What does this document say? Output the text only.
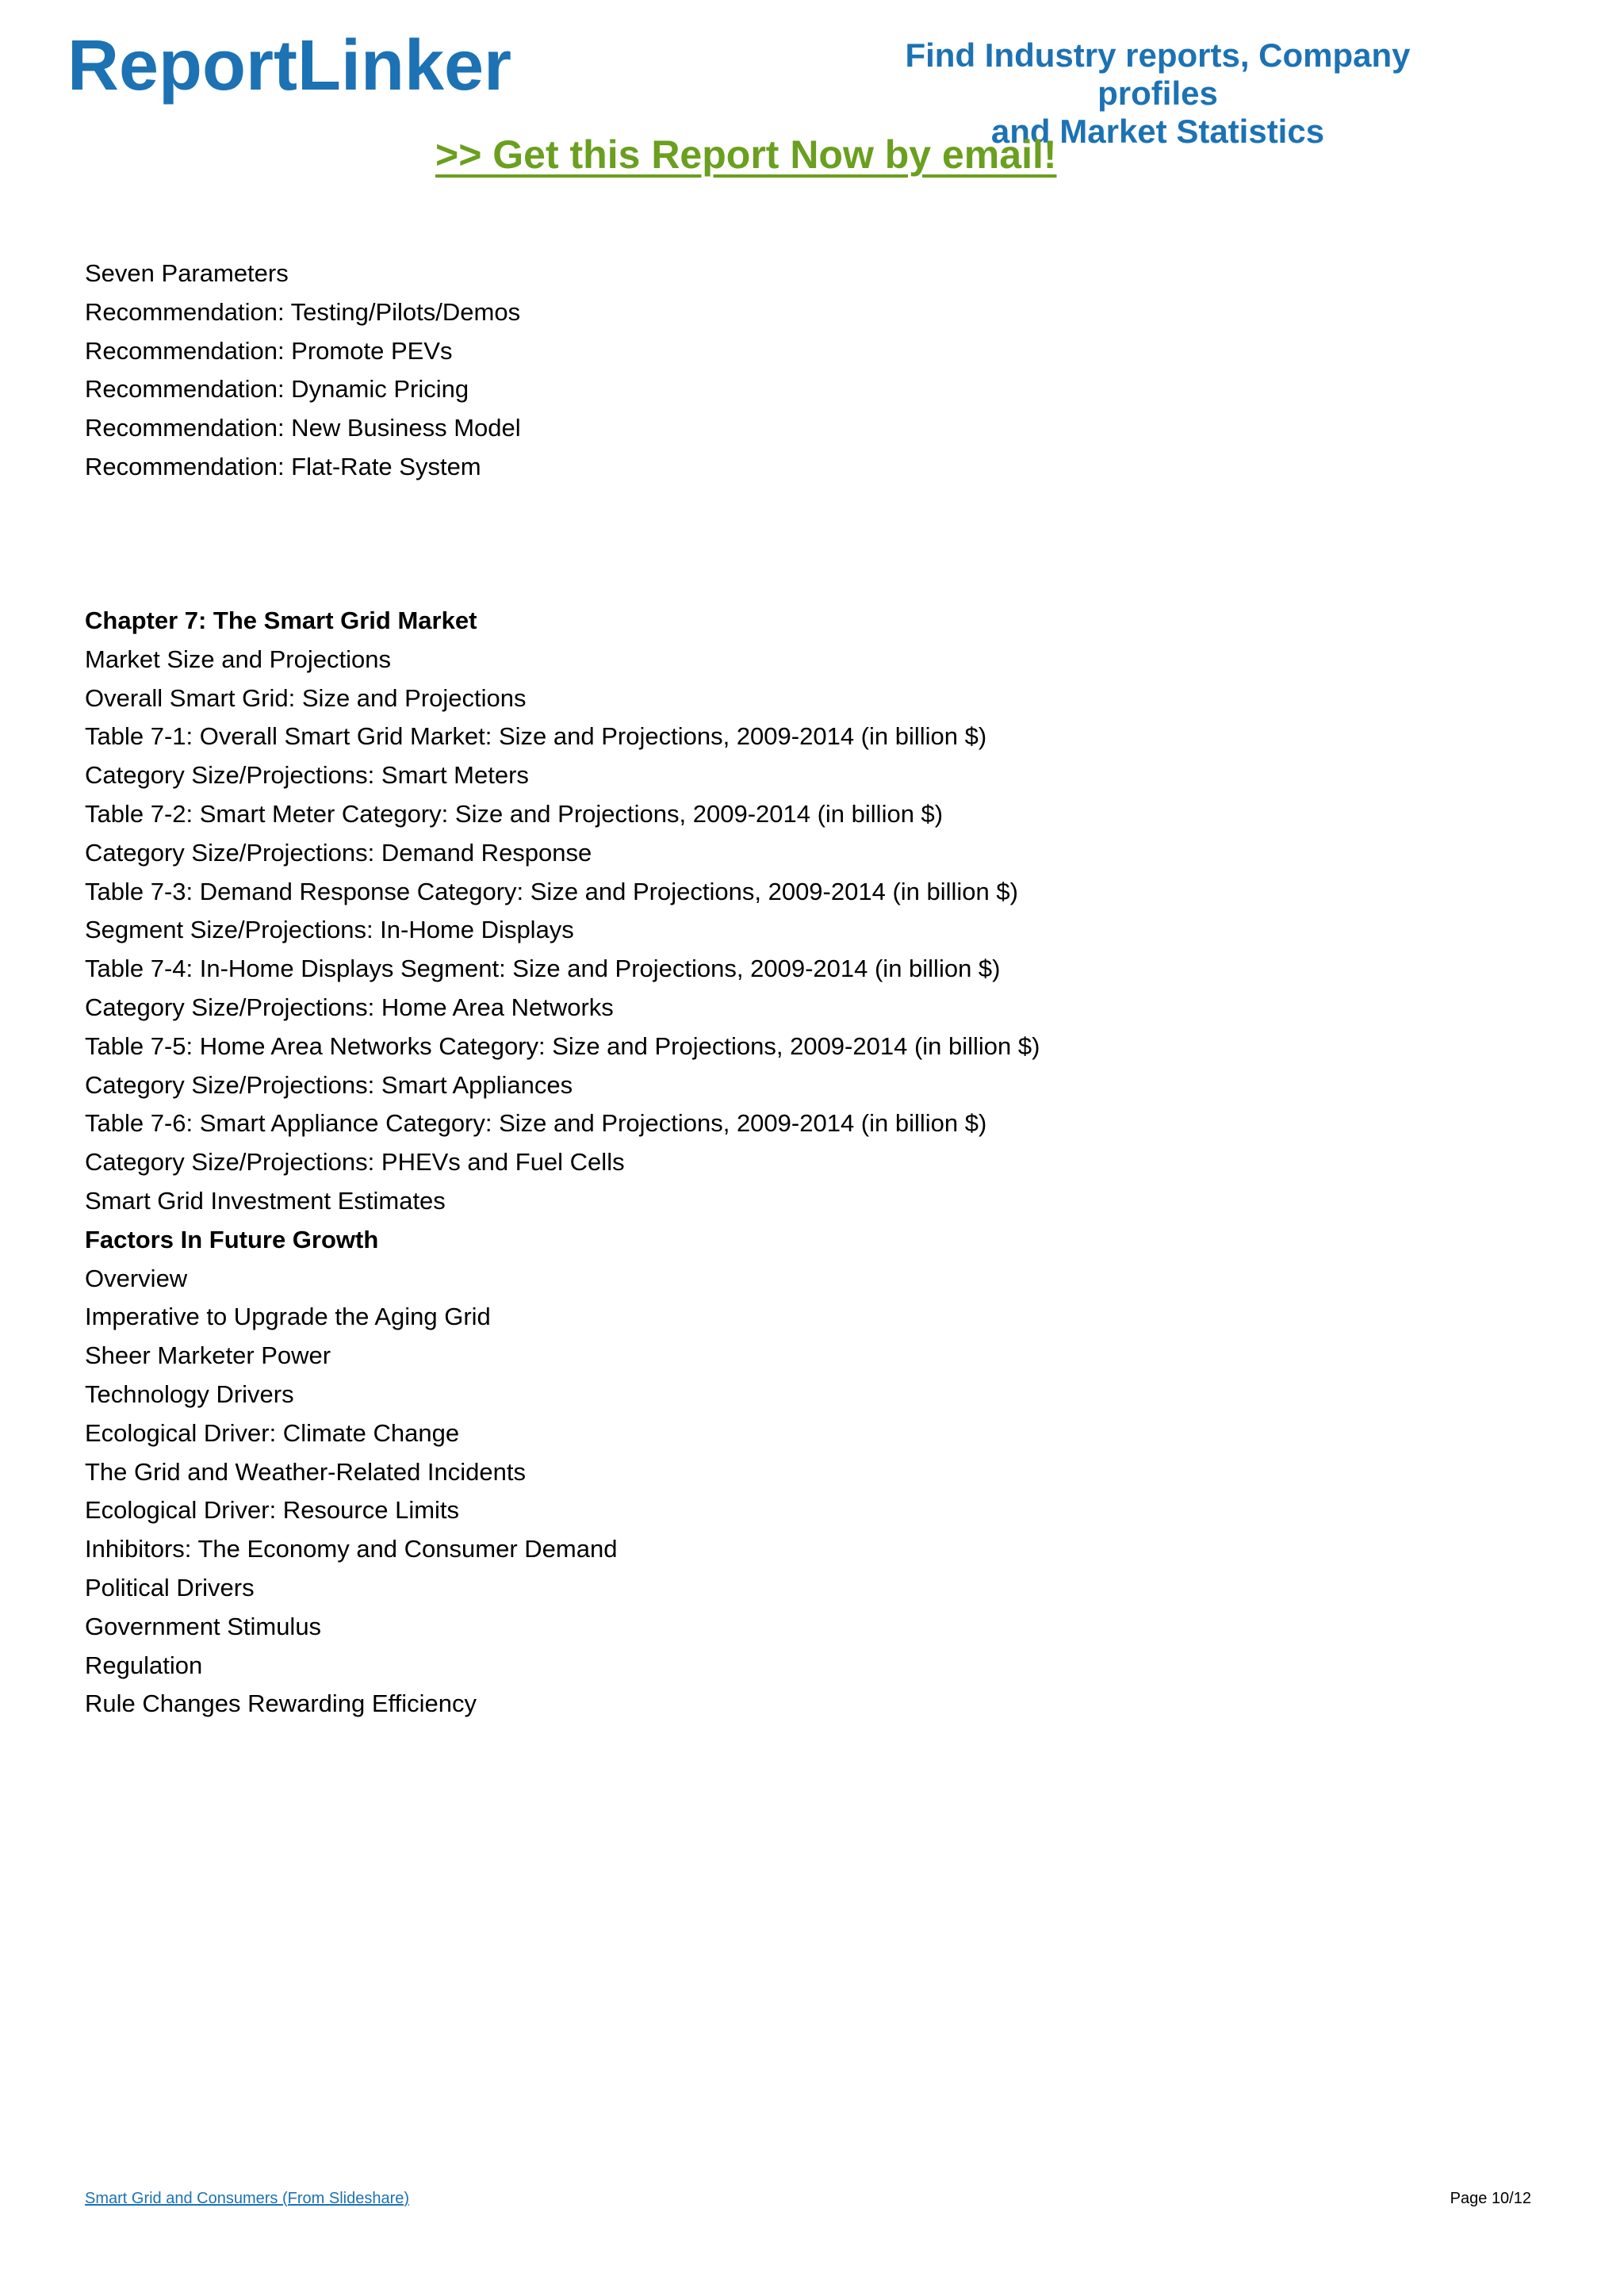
ReportLinker	Find Industry reports, Company profiles
and Market Statistics
>> Get this Report Now by email!
Seven Parameters
Recommendation: Testing/Pilots/Demos
Recommendation: Promote PEVs
Recommendation: Dynamic Pricing
Recommendation: New Business Model
Recommendation: Flat-Rate System
Chapter 7: The Smart Grid Market
Market Size and Projections
Overall Smart Grid: Size and Projections
Table 7-1: Overall Smart Grid Market: Size and Projections, 2009-2014 (in billion $)
Category Size/Projections: Smart Meters
Table 7-2: Smart Meter Category: Size and Projections, 2009-2014 (in billion $)
Category Size/Projections: Demand Response
Table 7-3: Demand Response Category: Size and Projections, 2009-2014 (in billion $)
Segment Size/Projections: In-Home Displays
Table 7-4: In-Home Displays Segment: Size and Projections, 2009-2014 (in billion $)
Category Size/Projections: Home Area Networks
Table 7-5: Home Area Networks Category: Size and Projections, 2009-2014 (in billion $)
Category Size/Projections: Smart Appliances
Table 7-6: Smart Appliance Category: Size and Projections, 2009-2014 (in billion $)
Category Size/Projections: PHEVs and Fuel Cells
Smart Grid Investment Estimates
Factors In Future Growth
Overview
Imperative to Upgrade the Aging Grid
Sheer Marketer Power
Technology Drivers
Ecological Driver: Climate Change
The Grid and Weather-Related Incidents
Ecological Driver: Resource Limits
Inhibitors: The Economy and Consumer Demand
Political Drivers
Government Stimulus
Regulation
Rule Changes Rewarding Efficiency
Smart Grid and Consumers (From Slideshare)	Page 10/12
